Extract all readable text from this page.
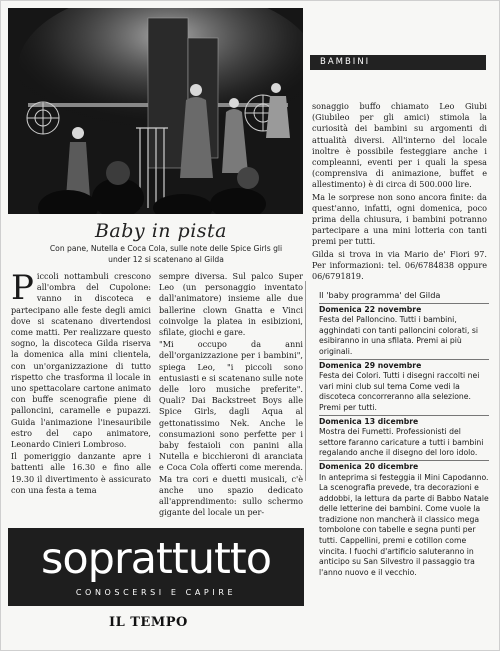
BAMBINI

sonaggio buffo chiamato Leo Giubi (Giubileo per gli amici) stimola la curiosità dei bambini su argomenti di attualità diversi. All'interno del locale inoltre è possibile festeggiare anche i compleanni, eventi per i quali la spesa (comprensiva di animazione, buffet e allestimento) è di circa di 500.000 lire.

Ma le sorprese non sono ancora finite: da quest'anno, infatti, ogni domenica, poco prima della chiusura, i bambini potranno partecipare a una mini lotteria con tanti premi per tutti.

Gilda si trova in via Mario de' Fiori 97. Per informazioni: tel. 06/6784838 oppure 06/6791819.

Baby in pista
Con pane, Nutella e Coca Cola, sulle note delle Spice Girls gli under 12 si scatenano al Gilda

Piccoli nottambuli crescono all'ombra del Cupolone: vanno in discoteca e partecipano alle feste degli amici dove si scatenano divertendosi come matti. Per realizzare questo sogno, la discoteca Gilda riserva la domenica alla mini clientela, con un'organizzazione di tutto rispetto che trasforma il locale in uno spettacolare cartone animato con buffe scenografie piene di palloncini, caramelle e pupazzi. Guida l'animazione l'inesauribile estro del capo animatore, Leonardo Cinieri Lombroso.

Il pomeriggio danzante apre i battenti alle 16.30 e fino alle 19.30 il divertimento è assicurato con una festa a tema

sempre diversa. Sul palco Super Leo (un personaggio inventato dall'animatore) insieme alle due ballerine clown Gnatta e Vinci coinvolge la platea in esibizioni, sfilate, giochi e gare.

"Mi occupo da anni dell'organizzazione per i bambini", spiega Leo, "i piccoli sono entusiasti e si scatenano sulle note delle loro musiche preferite". Quali? Dai Backstreet Boys alle Spice Girls, dagli Aqua al gettonatissimo Nek. Anche le consumazioni sono perfette per i baby festaioli con panini alla Nutella e bicchieroni di aranciata e Coca Cola offerti come merenda. Ma tra cori e duetti musicali, c'è anche uno spazio dedicato all'apprendimento: sullo schermo gigante del locale un per-

Il 'baby programma' del Gilda
Domenica 22 novembre
Festa del Palloncino. Tutti i bambini, agghindati con tanti palloncini colorati, si esibiranno in una sfilata. Premi ai più originali.
Domenica 29 novembre
Festa dei Colori. Tutti i disegni raccolti nei vari mini club sul tema Come vedi la discoteca concorreranno alla selezione. Premi per tutti.
Domenica 13 dicembre
Mostra dei Fumetti. Professionisti del settore faranno caricature a tutti i bambini regalando anche il disegno del loro idolo.
Domenica 20 dicembre
In anteprima si festeggia il Mini Capodanno. La scenografia prevede, tra decorazioni e addobbi, la lettura da parte di Babbo Natale delle letterine dei bambini. Come vuole la tradizione non mancherà il classico mega tombolone con tabelle e segna punti per tutti. Cappellini, premi e cotillon come vincita. I fuochi d'artificio saluteranno in anticipo su San Silvestro il passaggio tra l'anno nuovo e il vecchio.
soprattutto
CONOSCERSI E CAPIRE
IL TEMPO
